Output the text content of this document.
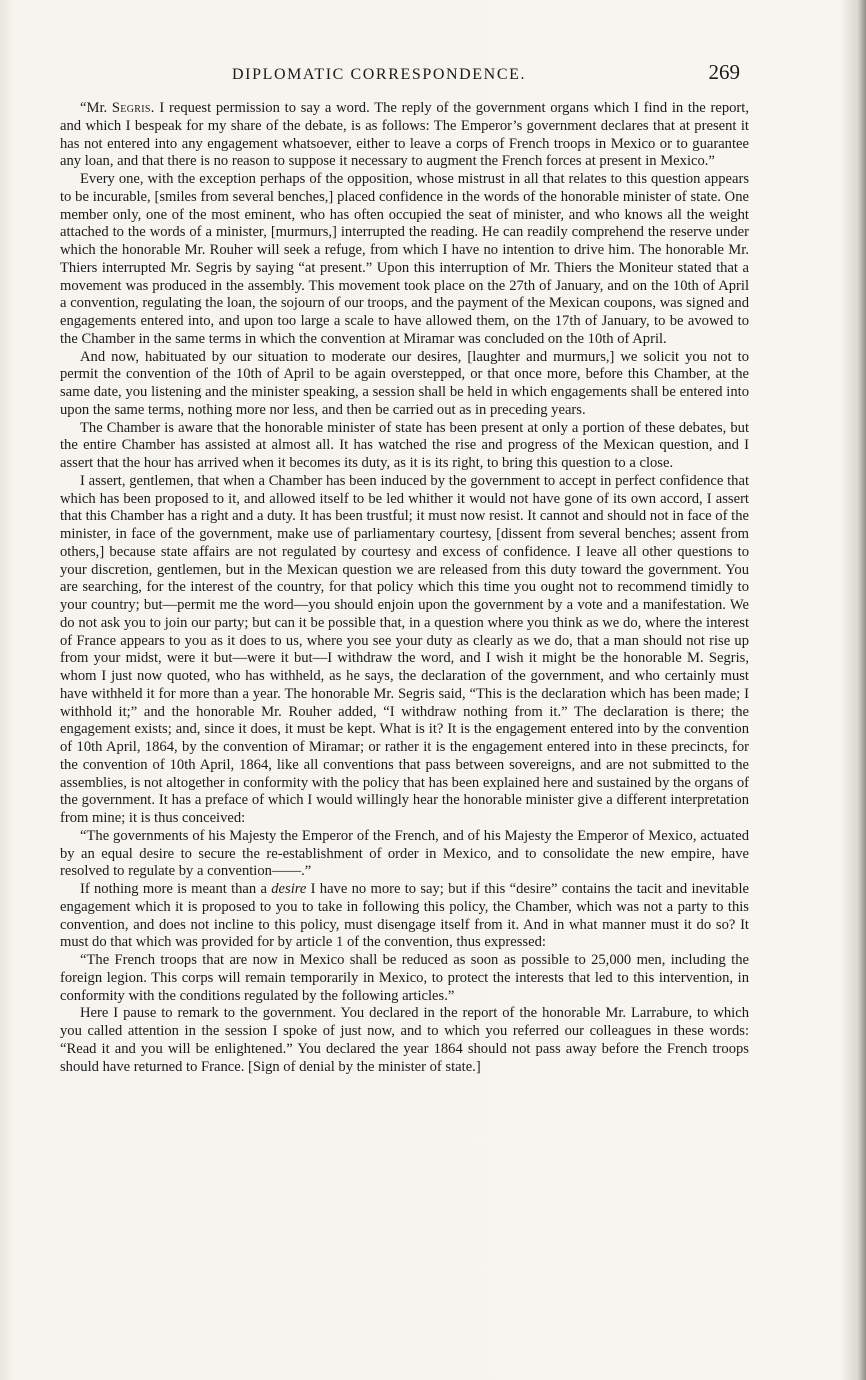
DIPLOMATIC CORRESPONDENCE.	269

“Mr. Segris. I request permission to say a word. The reply of the government organs which I find in the report, and which I bespeak for my share of the debate, is as follows: The Emperor’s government declares that at present it has not entered into any engagement whatsoever, either to leave a corps of French troops in Mexico or to guarantee any loan, and that there is no reason to suppose it necessary to augment the French forces at present in Mexico.”

Every one, with the exception perhaps of the opposition, whose mistrust in all that relates to this question appears to be incurable, [smiles from several benches,] placed confidence in the words of the honorable minister of state. One member only, one of the most eminent, who has often occupied the seat of minister, and who knows all the weight attached to the words of a minister, [murmurs,] interrupted the reading. He can readily comprehend the reserve under which the honorable Mr. Rouher will seek a refuge, from which I have no intention to drive him. The honorable Mr. Thiers interrupted Mr. Segris by saying “at present.” Upon this interruption of Mr. Thiers the Moniteur stated that a movement was produced in the assembly. This movement took place on the 27th of January, and on the 10th of April a convention, regulating the loan, the sojourn of our troops, and the payment of the Mexican coupons, was signed and engagements entered into, and upon too large a scale to have allowed them, on the 17th of January, to be avowed to the Chamber in the same terms in which the convention at Miramar was concluded on the 10th of April.

And now, habituated by our situation to moderate our desires, [laughter and murmurs,] we solicit you not to permit the convention of the 10th of April to be again overstepped, or that once more, before this Chamber, at the same date, you listening and the minister speaking, a session shall be held in which engagements shall be entered into upon the same terms, nothing more nor less, and then be carried out as in preceding years.

The Chamber is aware that the honorable minister of state has been present at only a portion of these debates, but the entire Chamber has assisted at almost all. It has watched the rise and progress of the Mexican question, and I assert that the hour has arrived when it becomes its duty, as it is its right, to bring this question to a close.

I assert, gentlemen, that when a Chamber has been induced by the government to accept in perfect confidence that which has been proposed to it, and allowed itself to be led whither it would not have gone of its own accord, I assert that this Chamber has a right and a duty. It has been trustful; it must now resist. It cannot and should not in face of the minister, in face of the government, make use of parliamentary courtesy, [dissent from several benches; assent from others,] because state affairs are not regulated by courtesy and excess of confidence. I leave all other questions to your discretion, gentlemen, but in the Mexican question we are released from this duty toward the government. You are searching, for the interest of the country, for that policy which this time you ought not to recommend timidly to your country; but—permit me the word—you should enjoin upon the government by a vote and a manifestation. We do not ask you to join our party; but can it be possible that, in a question where you think as we do, where the interest of France appears to you as it does to us, where you see your duty as clearly as we do, that a man should not rise up from your midst, were it but—were it but—I withdraw the word, and I wish it might be the honorable M. Segris, whom I just now quoted, who has withheld, as he says, the declaration of the government, and who certainly must have withheld it for more than a year. The honorable Mr. Segris said, “This is the declaration which has been made; I withhold it;” and the honorable Mr. Rouher added, “I withdraw nothing from it.” The declaration is there; the engagement exists; and, since it does, it must be kept. What is it? It is the engagement entered into by the convention of 10th April, 1864, by the convention of Miramar; or rather it is the engagement entered into in these precincts, for the convention of 10th April, 1864, like all conventions that pass between sovereigns, and are not submitted to the assemblies, is not altogether in conformity with the policy that has been explained here and sustained by the organs of the government. It has a preface of which I would willingly hear the honorable minister give a different interpretation from mine; it is thus conceived:

“The governments of his Majesty the Emperor of the French, and of his Majesty the Emperor of Mexico, actuated by an equal desire to secure the re-establishment of order in Mexico, and to consolidate the new empire, have resolved to regulate by a convention——.”

If nothing more is meant than a desire I have no more to say; but if this “desire” contains the tacit and inevitable engagement which it is proposed to you to take in following this policy, the Chamber, which was not a party to this convention, and does not incline to this policy, must disengage itself from it. And in what manner must it do so? It must do that which was provided for by article 1 of the convention, thus expressed:

“The French troops that are now in Mexico shall be reduced as soon as possible to 25,000 men, including the foreign legion. This corps will remain temporarily in Mexico, to protect the interests that led to this intervention, in conformity with the conditions regulated by the following articles.”

Here I pause to remark to the government. You declared in the report of the honorable Mr. Larrabure, to which you called attention in the session I spoke of just now, and to which you referred our colleagues in these words: “Read it and you will be enlightened.” You declared the year 1864 should not pass away before the French troops should have returned to France. [Sign of denial by the minister of state.]
